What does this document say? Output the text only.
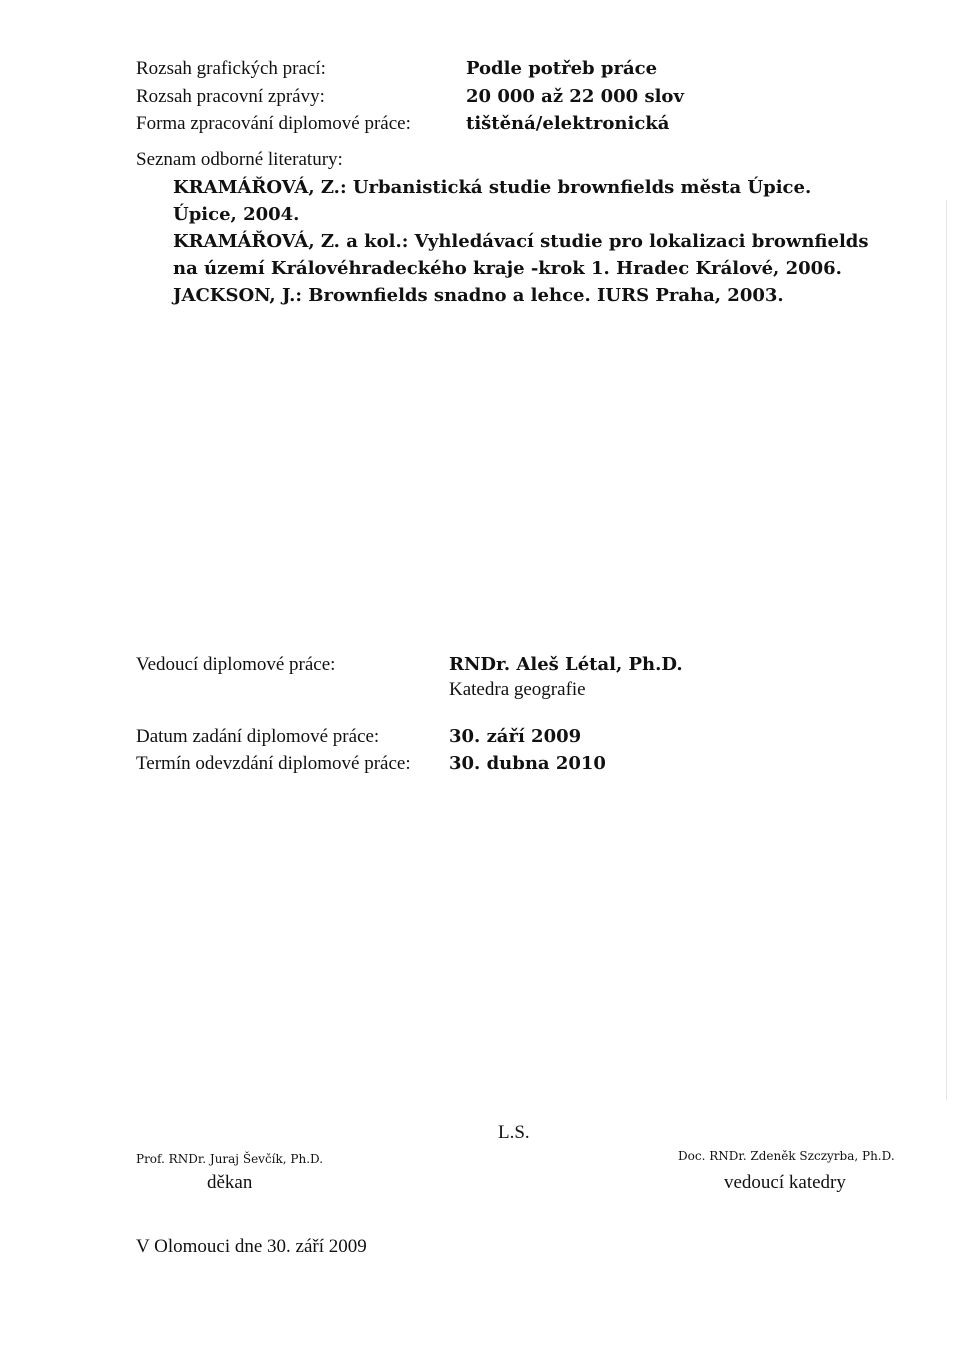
Rozsah grafických prací:	Podle potřeb práce
Rozsah pracovní zprávy:	20 000 až 22 000 slov
Forma zpracování diplomové práce:	tištěná/elektronická
Seznam odborné literatury:

KRAMÁŘOVÁ, Z.: Urbanistická studie brownfields města Úpice. Úpice, 2004.

KRAMÁŘOVÁ, Z. a kol.: Vyhledávací studie pro lokalizaci brownfields na území Královéhradeckého kraje -krok 1. Hradec Králové, 2006.

JACKSON, J.: Brownfields snadno a lehce. IURS Praha, 2003.

Vedoucí diplomové práce:	RNDr. Aleš Létal, Ph.D.
Katedra geografie
Datum zadání diplomové práce:	30. září 2009
Termín odevzdání diplomové práce: 30. dubna 2010
L.S.
Prof. RNDr. Juraj Ševčík, Ph.D.
děkan
Doc. RNDr. Zdeněk Szczyrba, Ph.D.
vedoucí katedry
V Olomouci dne 30. září 2009
